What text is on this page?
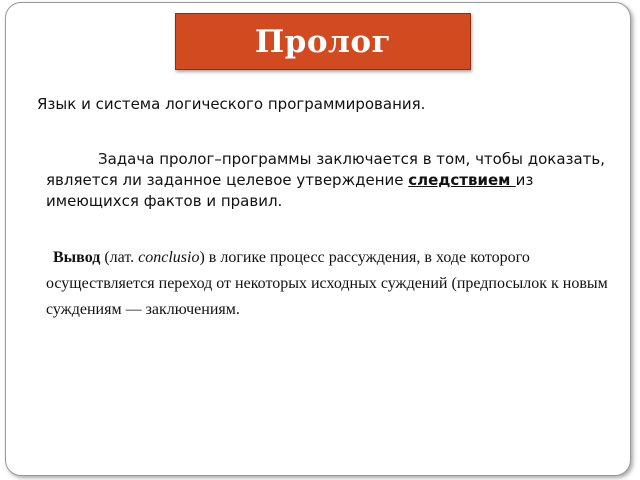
Пролог
Язык и система логического программирования.
Задача пролог–программы заключается в том, чтобы доказать, является ли заданное целевое утверждение следствием из имеющихся фактов и правил.
Вывод (лат. conclusio) в логике процесс рассуждения, в ходе которого осуществляется переход от некоторых исходных суждений (предпосылок к новым суждениям — заключениям.
